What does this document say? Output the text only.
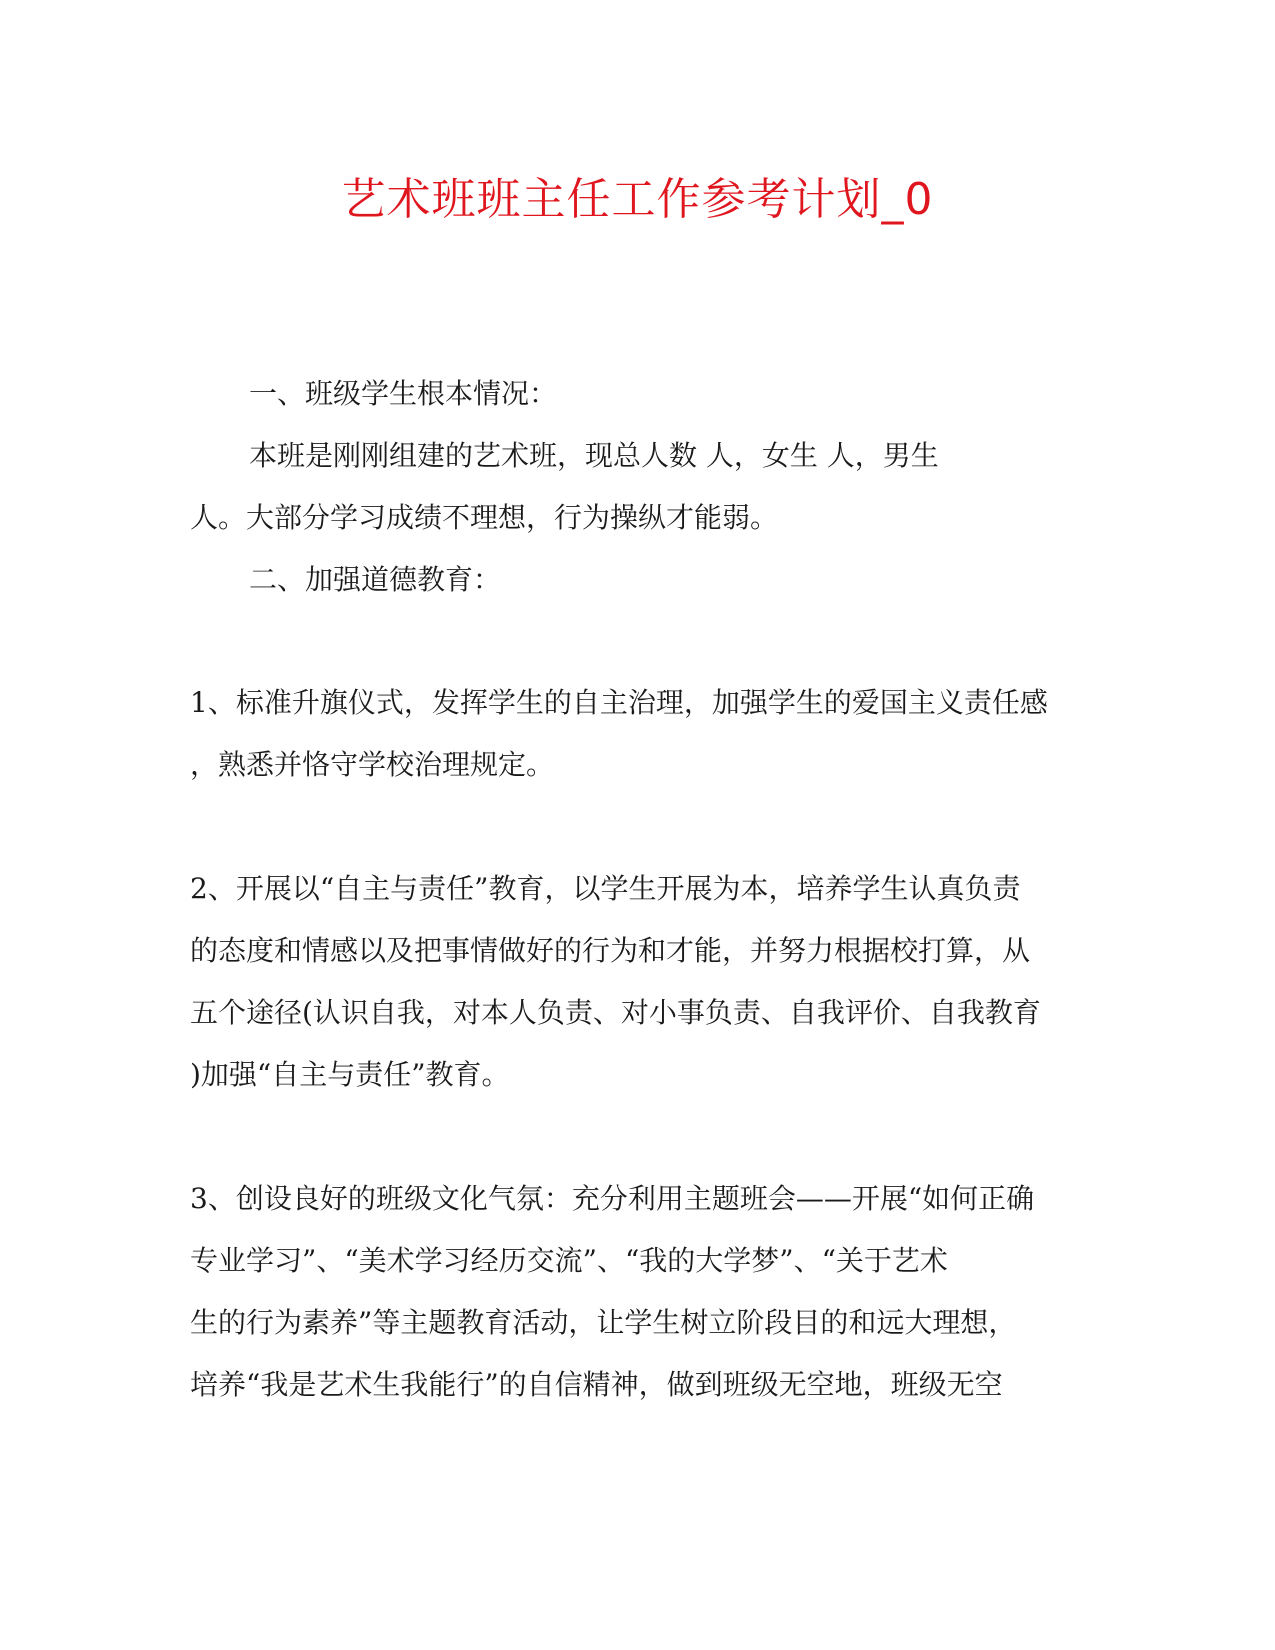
艺术班班主任工作参考计划_0
一、班级学生根本情况：
本班是刚刚组建的艺术班，现总人数 人，女生 人，男生
人。大部分学习成绩不理想，行为操纵才能弱。
二、加强道德教育：
1、标准升旗仪式，发挥学生的自主治理，加强学生的爱国主义责任感
，熟悉并恪守学校治理规定。
2、开展以“自主与责任”教育，以学生开展为本，培养学生认真负责
的态度和情感以及把事情做好的行为和才能，并努力根据校打算，从
五个途径(认识自我，对本人负责、对小事负责、自我评价、自我教育
)加强“自主与责任”教育。
3、创设良好的班级文化气氛：充分利用主题班会——开展“如何正确
专业学习”、“美术学习经历交流”、“我的大学梦”、“关于艺术
生的行为素养”等主题教育活动，让学生树立阶段目的和远大理想，
培养“我是艺术生我能行”的自信精神，做到班级无空地，班级无空
